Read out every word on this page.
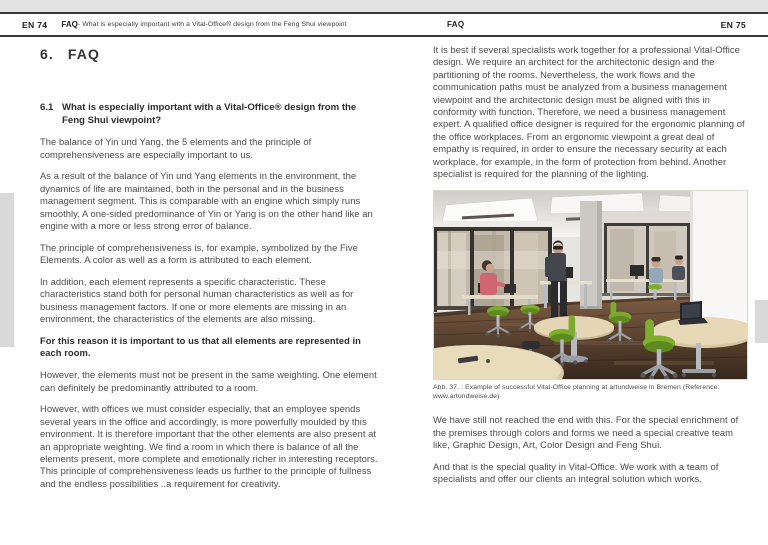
EN 74 FAQ - What is especially important with a Vital-Office® design from the Feng Shui viewpoint	FAQ	EN 75
6. FAQ
6.1 What is especially important with a Vital-Office® design from the Feng Shui viewpoint?

The balance of Yin und Yang, the 5 elements and the principle of comprehensiveness are especially important to us.

As a result of the balance of Yin und Yang elements in the environment, the dynamics of life are maintained, both in the personal and in the business management segment. This is comparable with an engine which simply runs smoothly. A one-sided predominance of Yin or Yang is on the other hand like an engine with a more or less strong error of balance.

The principle of comprehensiveness is, for example, symbolized by the Five Elements. A color as well as a form is attributed to each element.

In addition, each element represents a specific characteristic. These characteristics stand both for personal human characteristics as well as for business management factors. If one or more elements are missing in an environment, the characteristics of the elements are also missing.

For this reason it is important to us that all elements are represented in each room.

However, the elements must not be present in the same weighting. One element can definitely be predominantly attributed to a room.

However, with offices we must consider especially, that an employee spends several years in the office and accordingly, is more powerfully moulded by this environment. It is therefore important that the other elements are also present at an appropriate weighting. We find a room in which there is balance of all the elements present, more complete and emotionally richer in interesting receptors. This principle of comprehensiveness leads us further to the principle of fullness and the endless possibilities ..a requirement for creativity.

It is best if several specialists work together for a professional Vital-Office design. We require an architect for the architectonic design and the partitioning of the rooms. Nevertheless, the work flows and the communication paths must be analyzed from a business management viewpoint and the architectonic design must be aligned with this in conformity with function. Therefore, we need a business management expert. A qualified office designer is required for the ergonomic planning of the office workplaces. From an ergonomic viewpoint a great deal of empathy is required, in order to ensure the necessary security at each workplace, for example, in the form of protection from behind. Another specialist is required for the planning of the lighting.

Abb. 37. : Example of successful Vital-Office planning at artundweise in Bremen (Reference: www.artundweise.de)

We have still not reached the end with this. For the special enrichment of the premises through colors and forms we need a special creative team like, Graphic Design, Art, Color Design and Feng Shui.

And that is the special quality in Vital-Office. We work with a team of specialists and offer our clients an integral solution which works.
